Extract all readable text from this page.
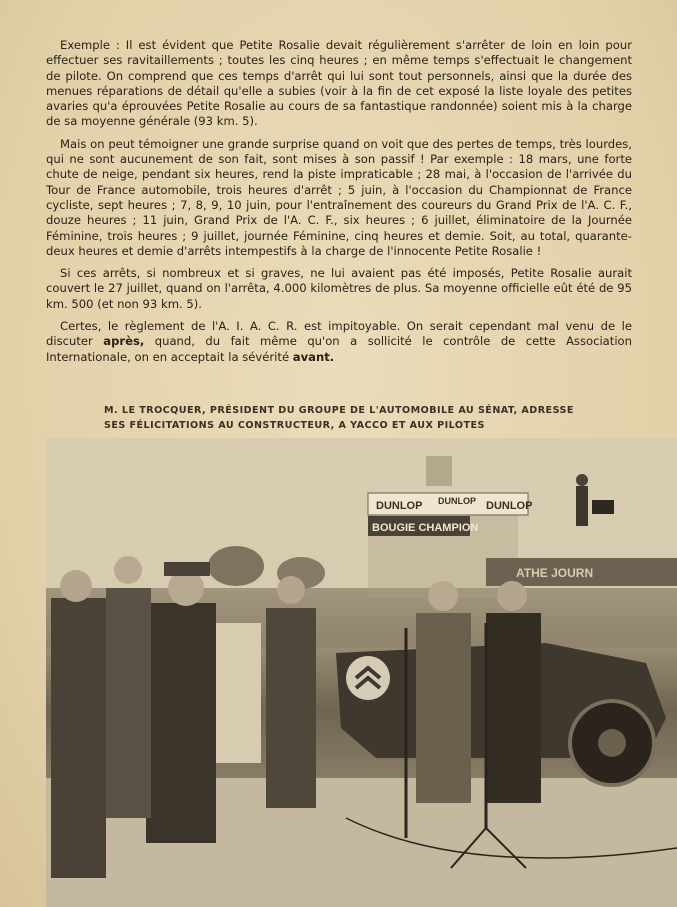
Exemple : Il est évident que Petite Rosalie devait régulièrement s'arrêter de loin en loin pour effectuer ses ravitaillements ; toutes les cinq heures ; en même temps s'effectuait le changement de pilote. On comprend que ces temps d'arrêt qui lui sont tout personnels, ainsi que la durée des menues réparations de détail qu'elle a subies (voir à la fin de cet exposé la liste loyale des petites avaries qu'a éprouvées Petite Rosalie au cours de sa fantastique randonnée) soient mis à la charge de sa moyenne générale (93 km. 5).

Mais on peut témoigner une grande surprise quand on voit que des pertes de temps, très lourdes, qui ne sont aucunement de son fait, sont mises à son passif ! Par exemple : 18 mars, une forte chute de neige, pendant six heures, rend la piste impraticable ; 28 mai, à l'occasion de l'arrivée du Tour de France automobile, trois heures d'arrêt ; 5 juin, à l'occasion du Championnat de France cycliste, sept heures ; 7, 8, 9, 10 juin, pour l'entraînement des coureurs du Grand Prix de l'A. C. F., douze heures ; 11 juin, Grand Prix de l'A. C. F., six heures ; 6 juillet, éliminatoire de la Journée Féminine, trois heures ; 9 juillet, journée Féminine, cinq heures et demie. Soit, au total, quarante-deux heures et demie d'arrêts intempestifs à la charge de l'innocente Petite Rosalie !

Si ces arrêts, si nombreux et si graves, ne lui avaient pas été imposés, Petite Rosalie aurait couvert le 27 juillet, quand on l'arrêta, 4.000 kilomètres de plus. Sa moyenne officielle eût été de 95 km. 500 (et non 93 km. 5).

Certes, le règlement de l'A. I. A. C. R. est impitoyable. On serait cependant mal venu de le discuter après, quand, du fait même qu'on a sollicité le contrôle de cette Association Internationale, on en acceptait la sévérité avant.

M. LE TROCQUER, PRÉSIDENT DU GROUPE DE L'AUTOMOBILE AU SÉNAT, ADRESSE
SES FÉLICITATIONS AU CONSTRUCTEUR, A YACCO ET AUX PILOTES
DUNLOP DUNLOP DUNLOP
BOUGIE CHAMPION
ATHE JOURN
